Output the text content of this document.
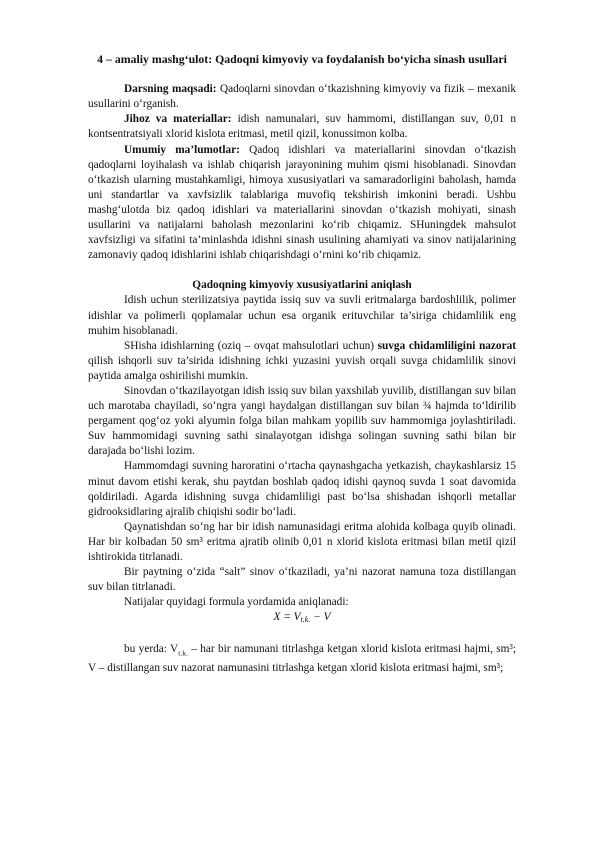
4 – amaliy mashg‘ulot: Qadoqni kimyoviy va foydalanish bo‘yicha sinash usullari

Darsning maqsadi: Qadoqlarni sinovdan o‘tkazishning kimyoviy va fizik – mexanik usullarini o‘rganish.

Jihoz va materiallar: idish namunalari, suv hammomi, distillangan suv, 0,01 n kontsentratsiyali xlorid kislota eritmasi, metil qizil, konussimon kolba.

Umumiy ma’lumotlar: Qadoq idishlari va materiallarini sinovdan o‘tkazish qadoqlarni loyihalash va ishlab chiqarish jarayonining muhim qismi hisoblanadi. Sinovdan o‘tkazish ularning mustahkamligi, himoya xususiyatlari va samaradorligini baholash, hamda uni standartlar va xavfsizlik talablariga muvofiq tekshirish imkonini beradi. Ushbu mashg‘ulotda biz qadoq idishlari va materiallarini sinovdan o‘tkazish mohiyati, sinash usullarini va natijalarni baholash mezonlarini ko‘rib chiqamiz. SHuningdek mahsulot xavfsizligi va sifatini ta’minlashda idishni sinash usulining ahamiyati va sinov natijalarining zamonaviy qadoq idishlarini ishlab chiqarishdagi o‘rnini ko‘rib chiqamiz.

Qadoqning kimyoviy xususiyatlarini aniqlash

Idish uchun sterilizatsiya paytida issiq suv va suvli eritmalarga bardoshlilik, polimer idishlar va polimerli qoplamalar uchun esa organik erituvchilar ta’siriga chidamlilik eng muhim hisoblanadi.

SHisha idishlarning (oziq – ovqat mahsulotlari uchun) suvga chidamliligini nazorat qilish ishqorli suv ta’sirida idishning ichki yuzasini yuvish orqali suvga chidamlilik sinovi paytida amalga oshirilishi mumkin.

Sinovdan o‘tkazilayotgan idish issiq suv bilan yaxshilab yuvilib, distillangan suv bilan uch marotaba chayiladi, so‘ngra yangi haydalgan distillangan suv bilan ¾ hajmda to‘ldirilib pergament qog‘oz yoki alyumin folga bilan mahkam yopilib suv hammomiga joylashtiriladi. Suv hammomidagi suvning sathi sinalayotgan idishga solingan suvning sathi bilan bir darajada bo‘lishi lozim.

Hammomdagi suvning haroratini o‘rtacha qaynashgacha yetkazish, chaykashlarsiz 15 minut davom etishi kerak, shu paytdan boshlab qadoq idishi qaynoq suvda 1 soat davomida qoldiriladi. Agarda idishning suvga chidamliligi past bo‘lsa shishadan ishqorli metallar gidrooksidlaring ajralib chiqishi sodir bo‘ladi.

Qaynatishdan so‘ng har bir idish namunasidagi eritma alohida kolbaga quyib olinadi. Har bir kolbadan 50 sm³ eritma ajratib olinib 0,01 n xlorid kislota eritmasi bilan metil qizil ishtirokida titrlanadi.

Bir paytning o‘zida “salt” sinov o‘tkaziladi, ya’ni nazorat namuna toza distillangan suv bilan titrlanadi.

Natijalar quyidagi formula yordamida aniqlanadi:

$X = V_{t.k.} - V$

bu yerda: $V_{t.k.}$ – har bir namunani titrlashga ketgan xlorid kislota eritmasi hajmi, sm³; V – distillangan suv nazorat namunasini titrlashga ketgan xlorid kislota eritmasi hajmi, sm³;
